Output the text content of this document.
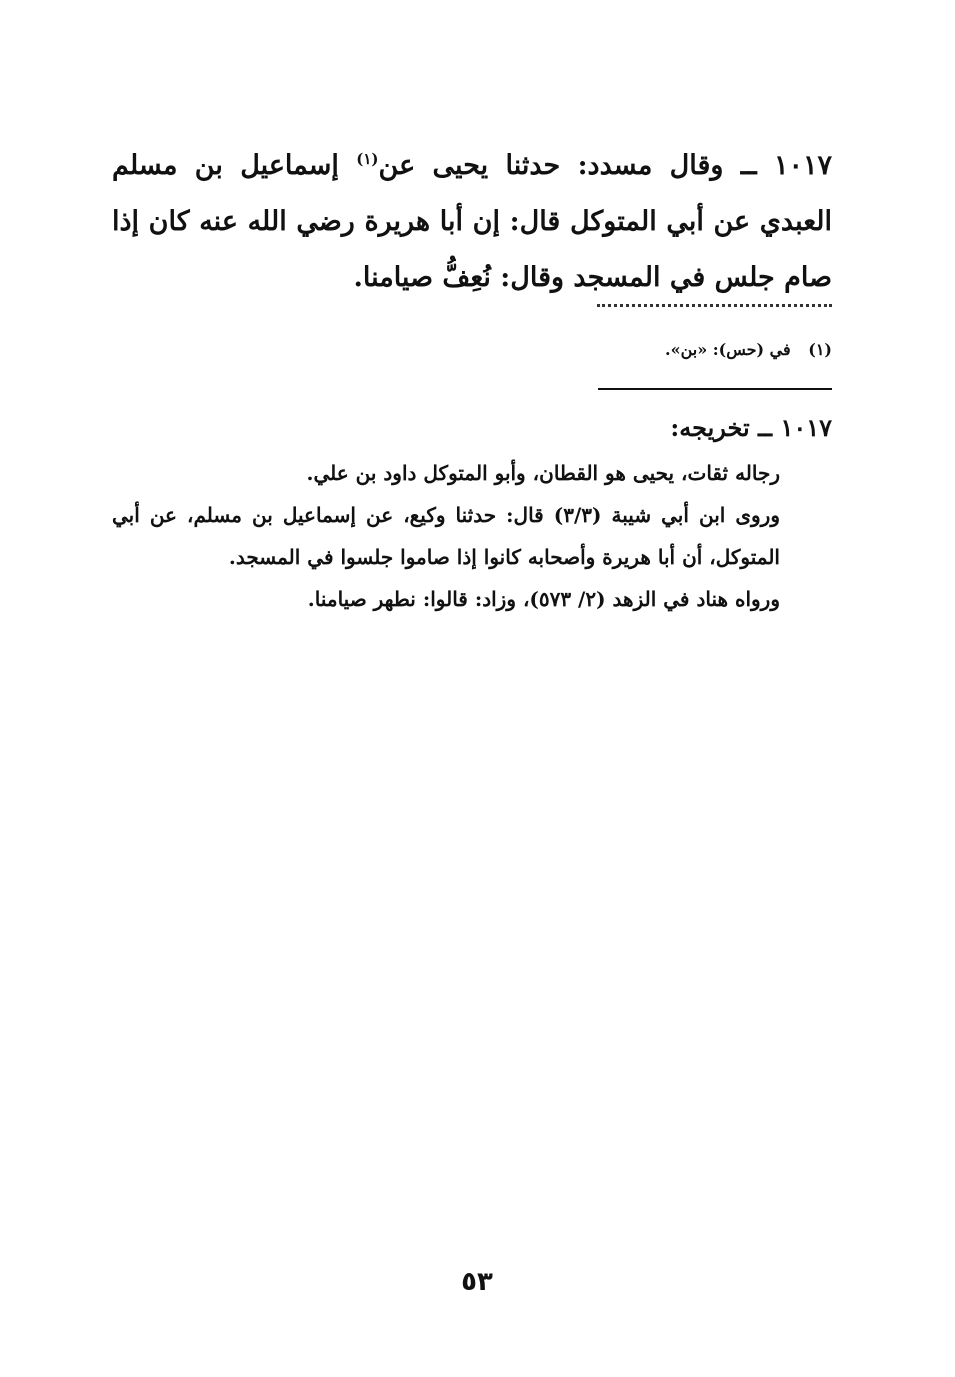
١٠١٧ ــ وقال مسدد: حدثنا يحيى عن$^{(١)}$ إسماعيل بن مسلم العبدي عن أبي المتوكل قال: إن أبا هريرة رضي الله عنه كان إذا صام جلس في المسجد وقال: نُعِفُّ صيامنا.
(١) في (حس): «بن».
١٠١٧ ــ تخريجه:

رجاله ثقات، يحيى هو القطان، وأبو المتوكل داود بن علي.

وروى ابن أبي شيبة (٣/٣) قال: حدثنا وكيع، عن إسماعيل بن مسلم، عن أبي المتوكل، أن أبا هريرة وأصحابه كانوا إذا صاموا جلسوا في المسجد.

ورواه هناد في الزهد (٢/ ٥٧٣)، وزاد: قالوا: نطهر صيامنا.

٥٣
